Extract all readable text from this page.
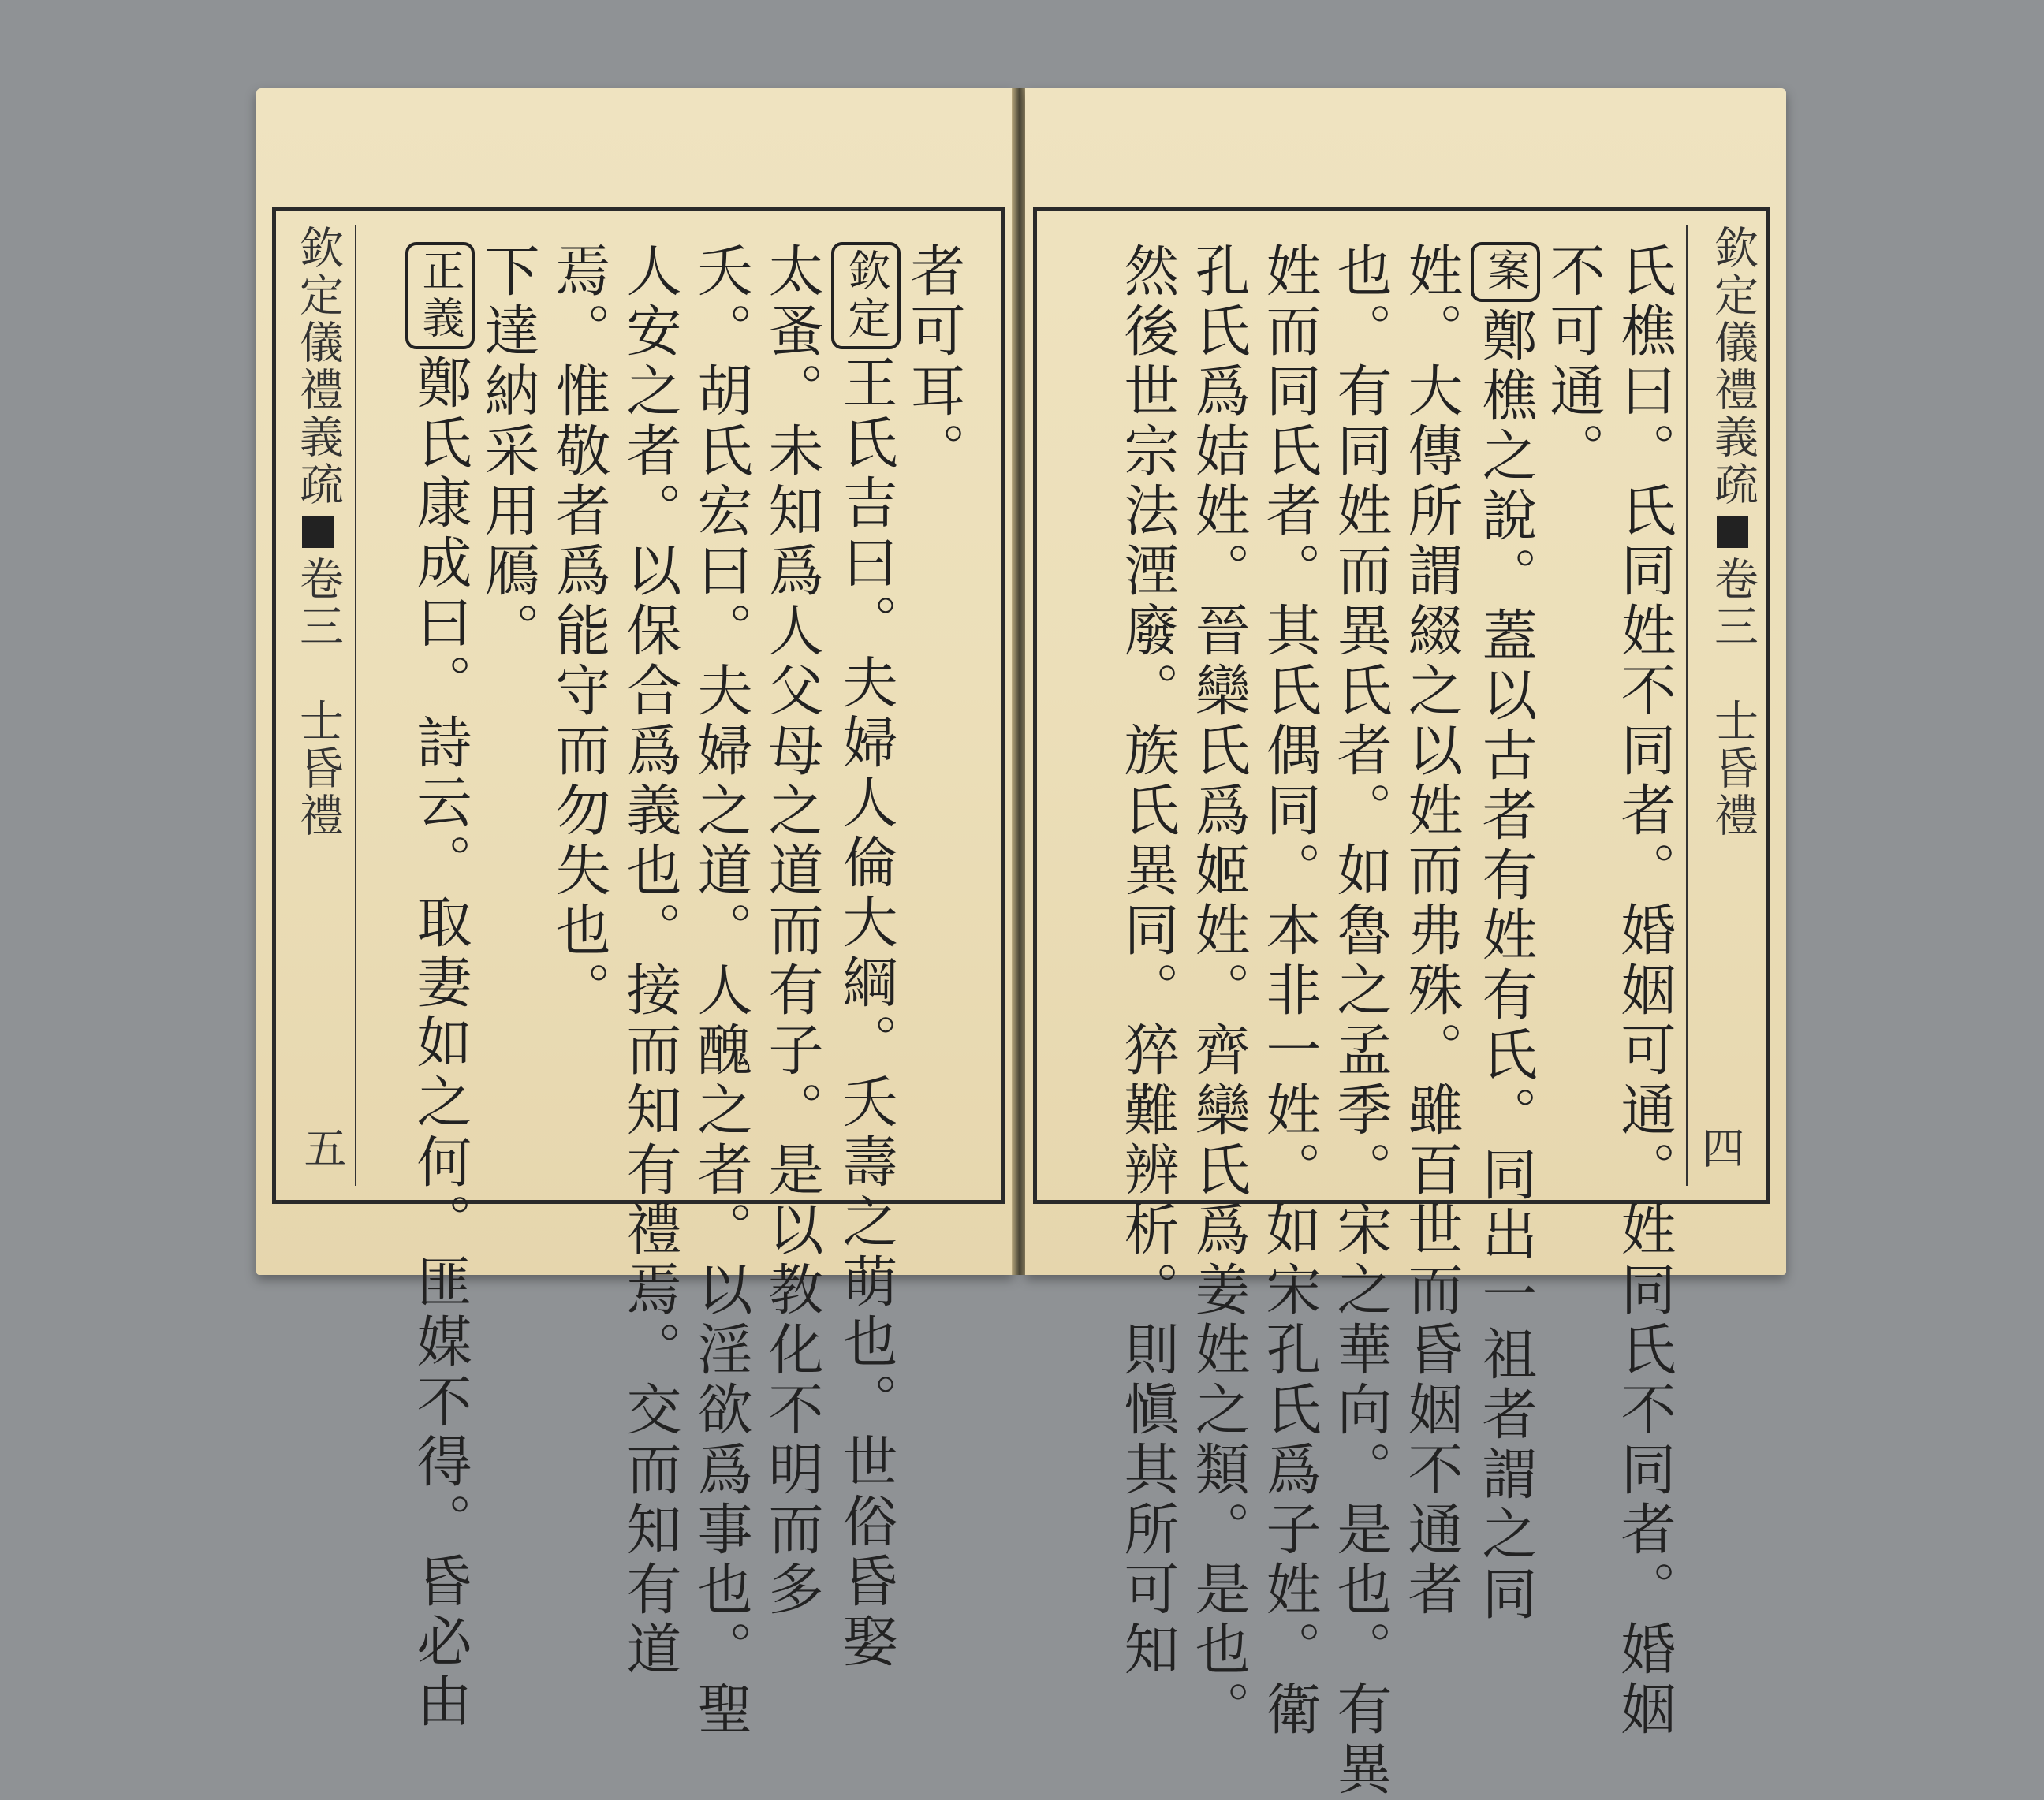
欽定儀禮義疏卷三　士昏禮
五
者可耳。
欽定王氏吉曰。夫婦人倫大綱。夭壽之萌也。世俗昏娶
太蚤。未知爲人父母之道而有子。是以教化不明而多
夭。胡氏宏曰。夫婦之道。人醜之者。以淫欲爲事也。聖
人安之者。以保合爲義也。接而知有禮焉。交而知有道
焉。惟敬者爲能守而勿失也。
下達納采用鴈。
正義鄭氏康成曰。詩云。取妻如之何。匪媒不得。昏必由	欽定儀禮義疏卷三　士昏禮
四
氏樵曰。氏同姓不同者。婚姻可通。姓同氏不同者。婚姻
不可通。
案鄭樵之說。蓋以古者有姓有氏。同出一祖者謂之同
姓。大傳所謂綴之以姓而弗殊。雖百世而昏姻不通者
也。有同姓而異氏者。如魯之孟季。宋之華向。是也。有異
姓而同氏者。其氏偶同。本非一姓。如宋孔氏爲子姓。衛
孔氏爲姞姓。晉欒氏爲姬姓。齊欒氏爲姜姓之類。是也。
然後世宗法湮廢。族氏異同。猝難辨析。則愼其所可知
